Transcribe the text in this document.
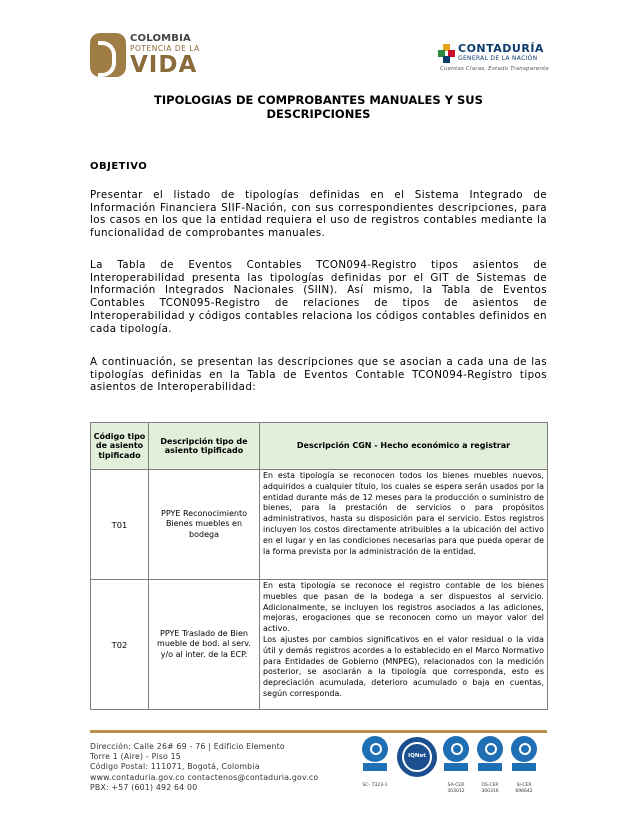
COLOMBIA
POTENCIA DE LA
VIDA
CONTADURÍA
GENERAL DE LA NACIÓN
Cuentas Claras, Estado Transparente
TIPOLOGIAS DE COMPROBANTES MANUALES Y SUS
DESCRIPCIONES
OBJETIVO
Presentar el listado de tipologías definidas en el Sistema Integrado de Información Financiera SIIF-Nación, con sus correspondientes descripciones, para los casos en los que la entidad requiera el uso de registros contables mediante la funcionalidad de comprobantes manuales.
La Tabla de Eventos Contables TCON094-Registro tipos asientos de Interoperabilidad presenta las tipologías definidas por el GIT de Sistemas de Información Integrados Nacionales (SIIN). Así mismo, la Tabla de Eventos Contables TCON095-Registro de relaciones de tipos de asientos de Interoperabilidad y códigos contables relaciona los códigos contables definidos en cada tipología.
A continuación, se presentan las descripciones que se asocian a cada una de las tipologías definidas en la Tabla de Eventos Contable TCON094-Registro tipos asientos de Interoperabilidad:
Código tipo de asiento tipificado	Descripción tipo de asiento tipificado	Descripción CGN - Hecho económico a registrar
T01	PPYE Reconocimiento Bienes muebles en bodega	En esta tipología se reconocen todos los bienes muebles nuevos, adquiridos a cualquier título, los cuales se espera serán usados por la entidad durante más de 12 meses para la producción o suministro de bienes, para la prestación de servicios o para propósitos administrativos, hasta su disposición para el servicio. Estos registros incluyen los costos directamente atribuibles a la ubicación del activo en el lugar y en las condiciones necesarias para que pueda operar de la forma prevista por la administración de la entidad.
T02	PPYE Traslado de Bien mueble de bod. al serv. y/o al inter. de la ECP.	En esta tipología se reconoce el registro contable de los bienes muebles que pasan de la bodega a ser dispuestos al servicio. Adicionalmente, se incluyen los registros asociados a las adiciones, mejoras, erogaciones que se reconocen como un mayor valor del activo.
Los ajustes por cambios significativos en el valor residual o la vida útil y demás registros acordes a lo establecido en el Marco Normativo para Entidades de Gobierno (MNPEG), relacionados con la medición posterior, se asociarán a la tipología que corresponda, esto es depreciación acumulada, deterioro acumulado o baja en cuentas, según corresponda.
Dirección: Calle 26# 69 - 76 | Edificio Elemento
Torre 1 (Aire) - Piso 15
Código Postal: 111071, Bogotá, Colombia
www.contaduria.gov.co contactenos@contaduria.gov.co
PBX: +57 (601) 492 64 00	SC- 7323-1
IQNet
SA-CER 303012
OS-CER 300316
SI-CER 696642
